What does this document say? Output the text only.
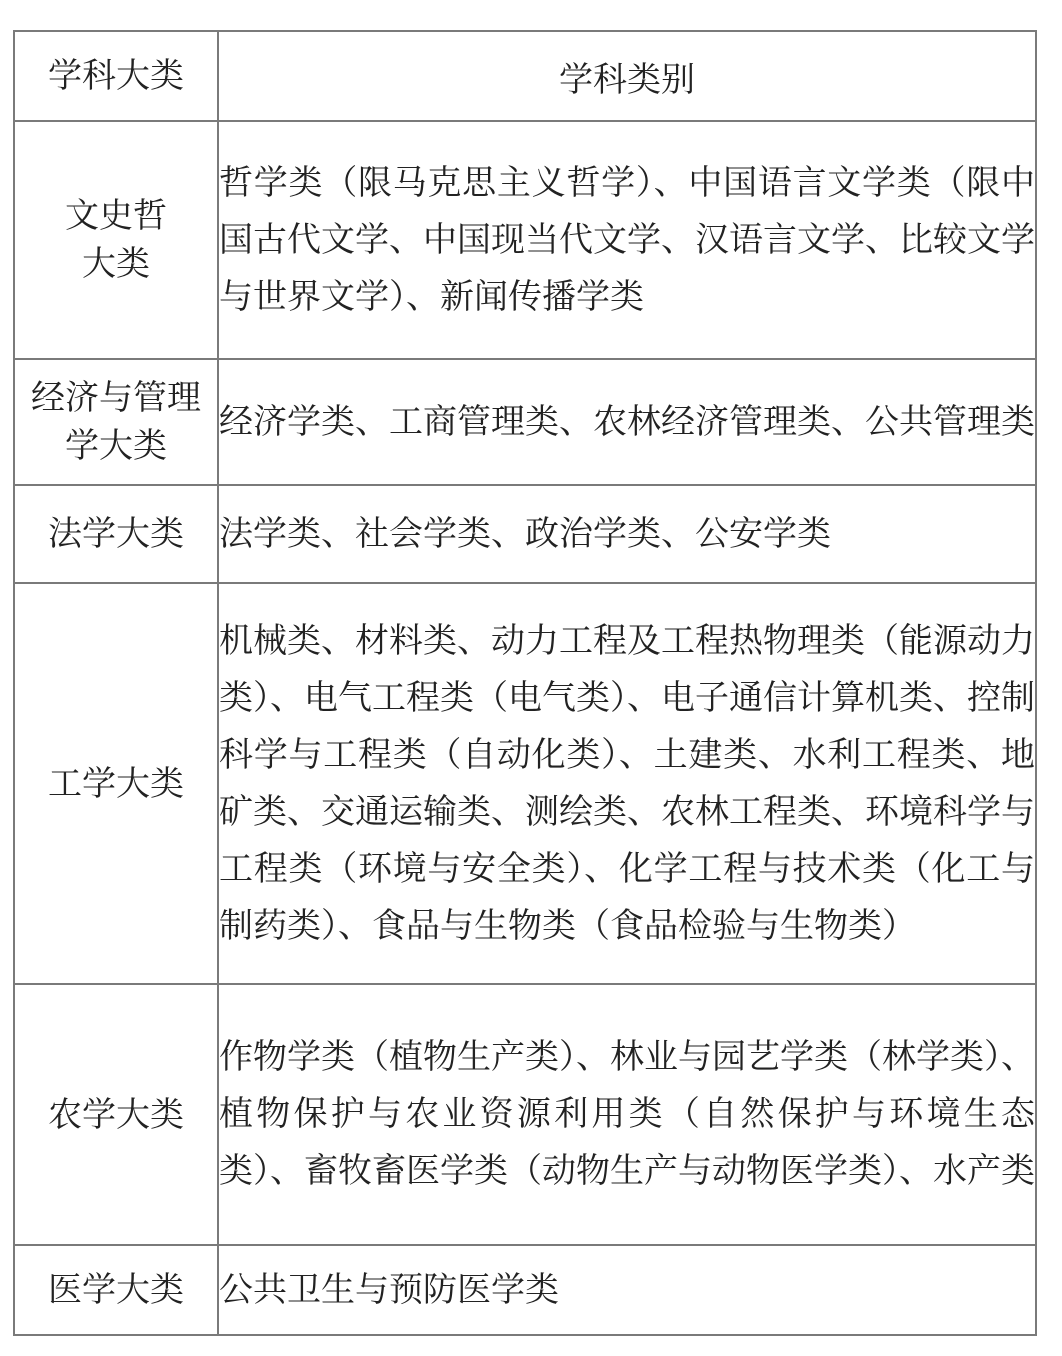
学科大类	学科类别
文史哲大类	哲学类（限马克思主义哲学）、中国语言文学类（限中国古代文学、中国现当代文学、汉语言文学、比较文学与世界文学）、新闻传播学类
经济与管理学大类	经济学类、工商管理类、农林经济管理类、公共管理类
法学大类	法学类、社会学类、政治学类、公安学类
工学大类	机械类、材料类、动力工程及工程热物理类（能源动力类）、电气工程类（电气类）、电子通信计算机类、控制科学与工程类（自动化类）、土建类、水利工程类、地矿类、交通运输类、测绘类、农林工程类、环境科学与工程类（环境与安全类）、化学工程与技术类（化工与制药类）、食品与生物类（食品检验与生物类）
农学大类	作物学类（植物生产类）、林业与园艺学类（林学类）、植物保护与农业资源利用类（自然保护与环境生态类）、畜牧畜医学类（动物生产与动物医学类）、水产类
医学大类	公共卫生与预防医学类
